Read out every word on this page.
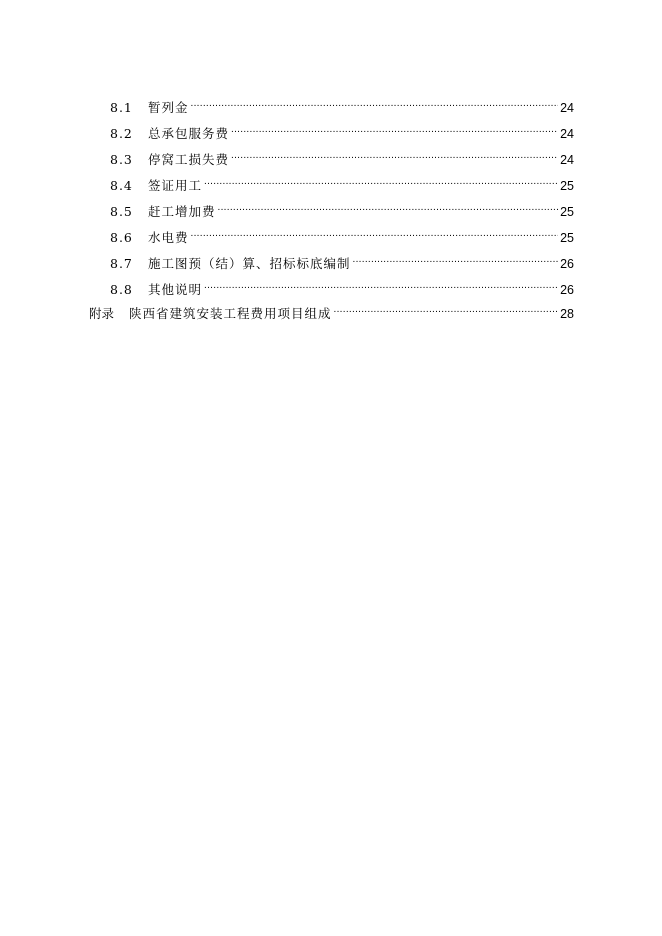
8.1	暂列金 .....	24
8.2	总承包服务费 .....	24
8.3	停窝工损失费 .....	24
8.4	签证用工 .....	25
8.5	赶工增加费 .....	25
8.6	水电费 .....	25
8.7	施工图预（结）算、招标标底编制 .....	26
8.8	其他说明 .....	26
附录	陕西省建筑安装工程费用项目组成 .....	28
